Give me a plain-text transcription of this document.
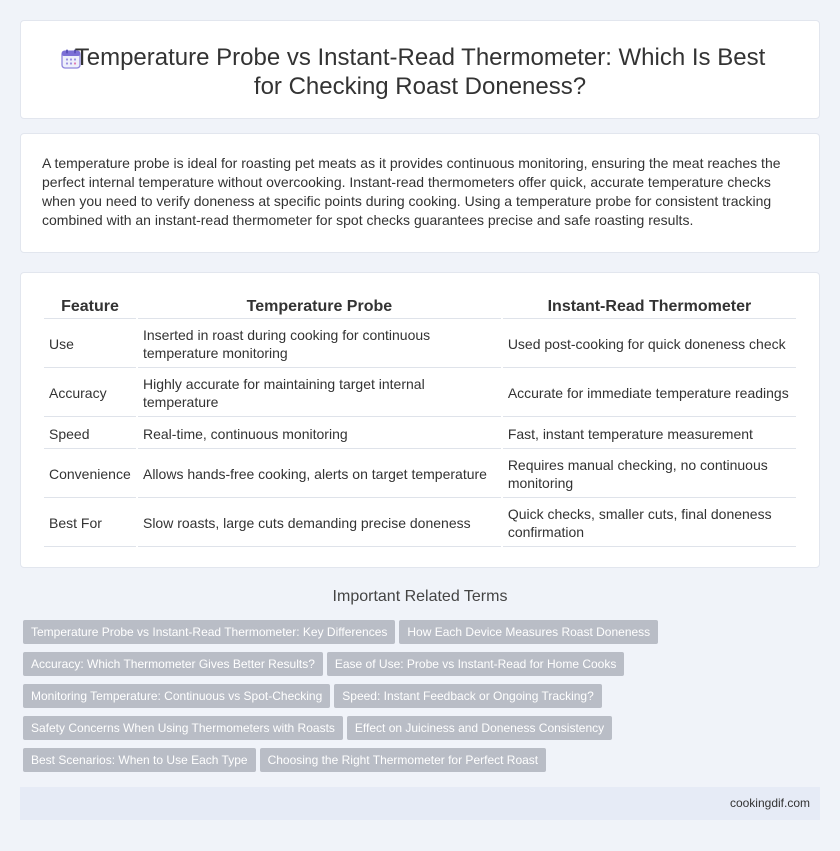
Temperature Probe vs Instant-Read Thermometer: Which Is Best for Checking Roast Doneness?

A temperature probe is ideal for roasting pet meats as it provides continuous monitoring, ensuring the meat reaches the perfect internal temperature without overcooking. Instant-read thermometers offer quick, accurate temperature checks when you need to verify doneness at specific points during cooking. Using a temperature probe for consistent tracking combined with an instant-read thermometer for spot checks guarantees precise and safe roasting results.

Feature	Temperature Probe	Instant-Read Thermometer
Use	Inserted in roast during cooking for continuous temperature monitoring	Used post-cooking for quick doneness check
Accuracy	Highly accurate for maintaining target internal temperature	Accurate for immediate temperature readings
Speed	Real-time, continuous monitoring	Fast, instant temperature measurement
Convenience	Allows hands-free cooking, alerts on target temperature	Requires manual checking, no continuous monitoring
Best For	Slow roasts, large cuts demanding precise doneness	Quick checks, smaller cuts, final doneness confirmation
Important Related Terms
Temperature Probe vs Instant-Read Thermometer: Key Differences How Each Device Measures Roast Doneness
Accuracy: Which Thermometer Gives Better Results? Ease of Use: Probe vs Instant-Read for Home Cooks
Monitoring Temperature: Continuous vs Spot-Checking Speed: Instant Feedback or Ongoing Tracking?
Safety Concerns When Using Thermometers with Roasts Effect on Juiciness and Doneness Consistency
Best Scenarios: When to Use Each Type Choosing the Right Thermometer for Perfect Roast
cookingdif.com
